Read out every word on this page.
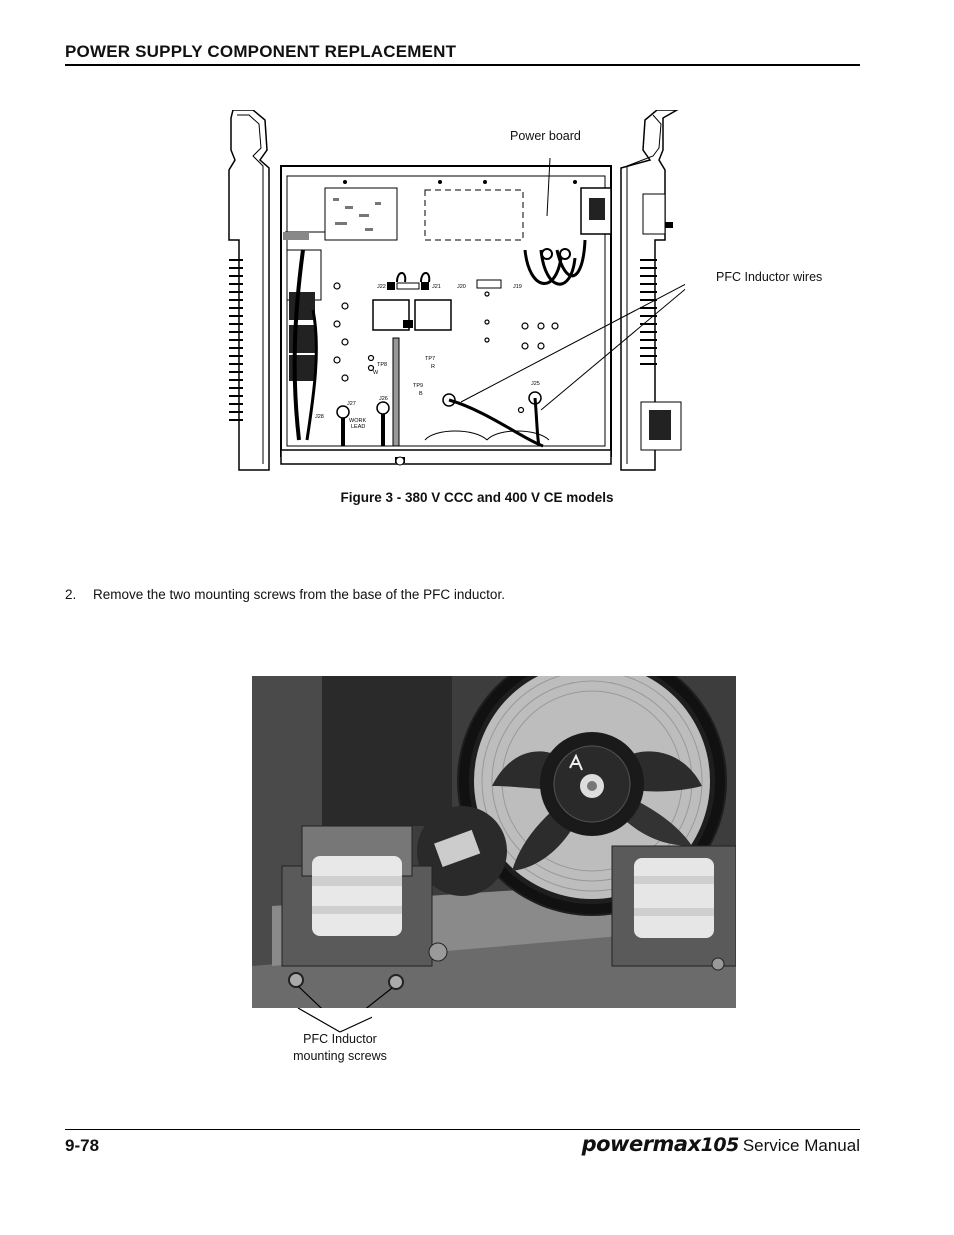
POWER SUPPLY COMPONENT REPLACEMENT
J22	J21	J20	J19
TP8
W
TP7
R
TP9
B
J27
J26
J25
J28
WORK
LEAD
Power board
PFC Inductor wires
Figure 3 - 380 V CCC and 400 V CE models
2. Remove the two mounting screws from the base of the PFC inductor.
PFC Inductor
mounting screws
9-78	powermax105 Service Manual
